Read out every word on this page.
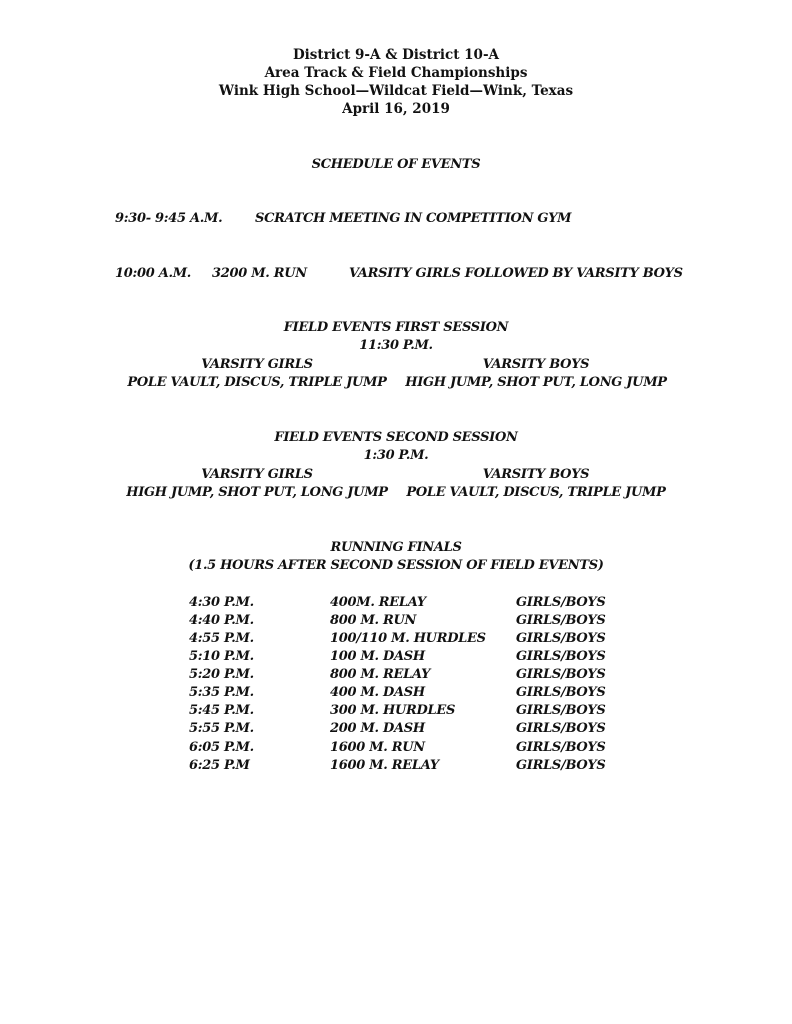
District 9-A & District 10-A
Area Track & Field Championships
Wink High School—Wildcat Field—Wink, Texas
April 16, 2019
SCHEDULE OF EVENTS
9:30- 9:45 A.M.	SCRATCH MEETING IN COMPETITION GYM
10:00 A.M. 3200 M. RUN	VARSITY GIRLS FOLLOWED BY VARSITY BOYS
FIELD EVENTS FIRST SESSION
11:30 P.M.
VARSITY GIRLS
POLE VAULT, DISCUS, TRIPLE JUMP
VARSITY BOYS
HIGH JUMP, SHOT PUT, LONG JUMP
FIELD EVENTS SECOND SESSION
1:30 P.M.
VARSITY GIRLS
HIGH JUMP, SHOT PUT, LONG JUMP
VARSITY BOYS
POLE VAULT, DISCUS, TRIPLE JUMP
RUNNING FINALS
(1.5 HOURS AFTER SECOND SESSION OF FIELD EVENTS)
4:30 P.M.	400M. RELAY	GIRLS/BOYS
4:40 P.M.	800 M. RUN	GIRLS/BOYS
4:55 P.M.	100/110 M. HURDLES GIRLS/BOYS
5:10 P.M.	100 M. DASH	GIRLS/BOYS
5:20 P.M.	800 M. RELAY	GIRLS/BOYS
5:35 P.M.	400 M. DASH	GIRLS/BOYS
5:45 P.M.	300 M. HURDLES	GIRLS/BOYS
5:55 P.M.	200 M. DASH	GIRLS/BOYS
6:05 P.M.	1600 M. RUN	GIRLS/BOYS
6:25 P.M	1600 M. RELAY	GIRLS/BOYS
